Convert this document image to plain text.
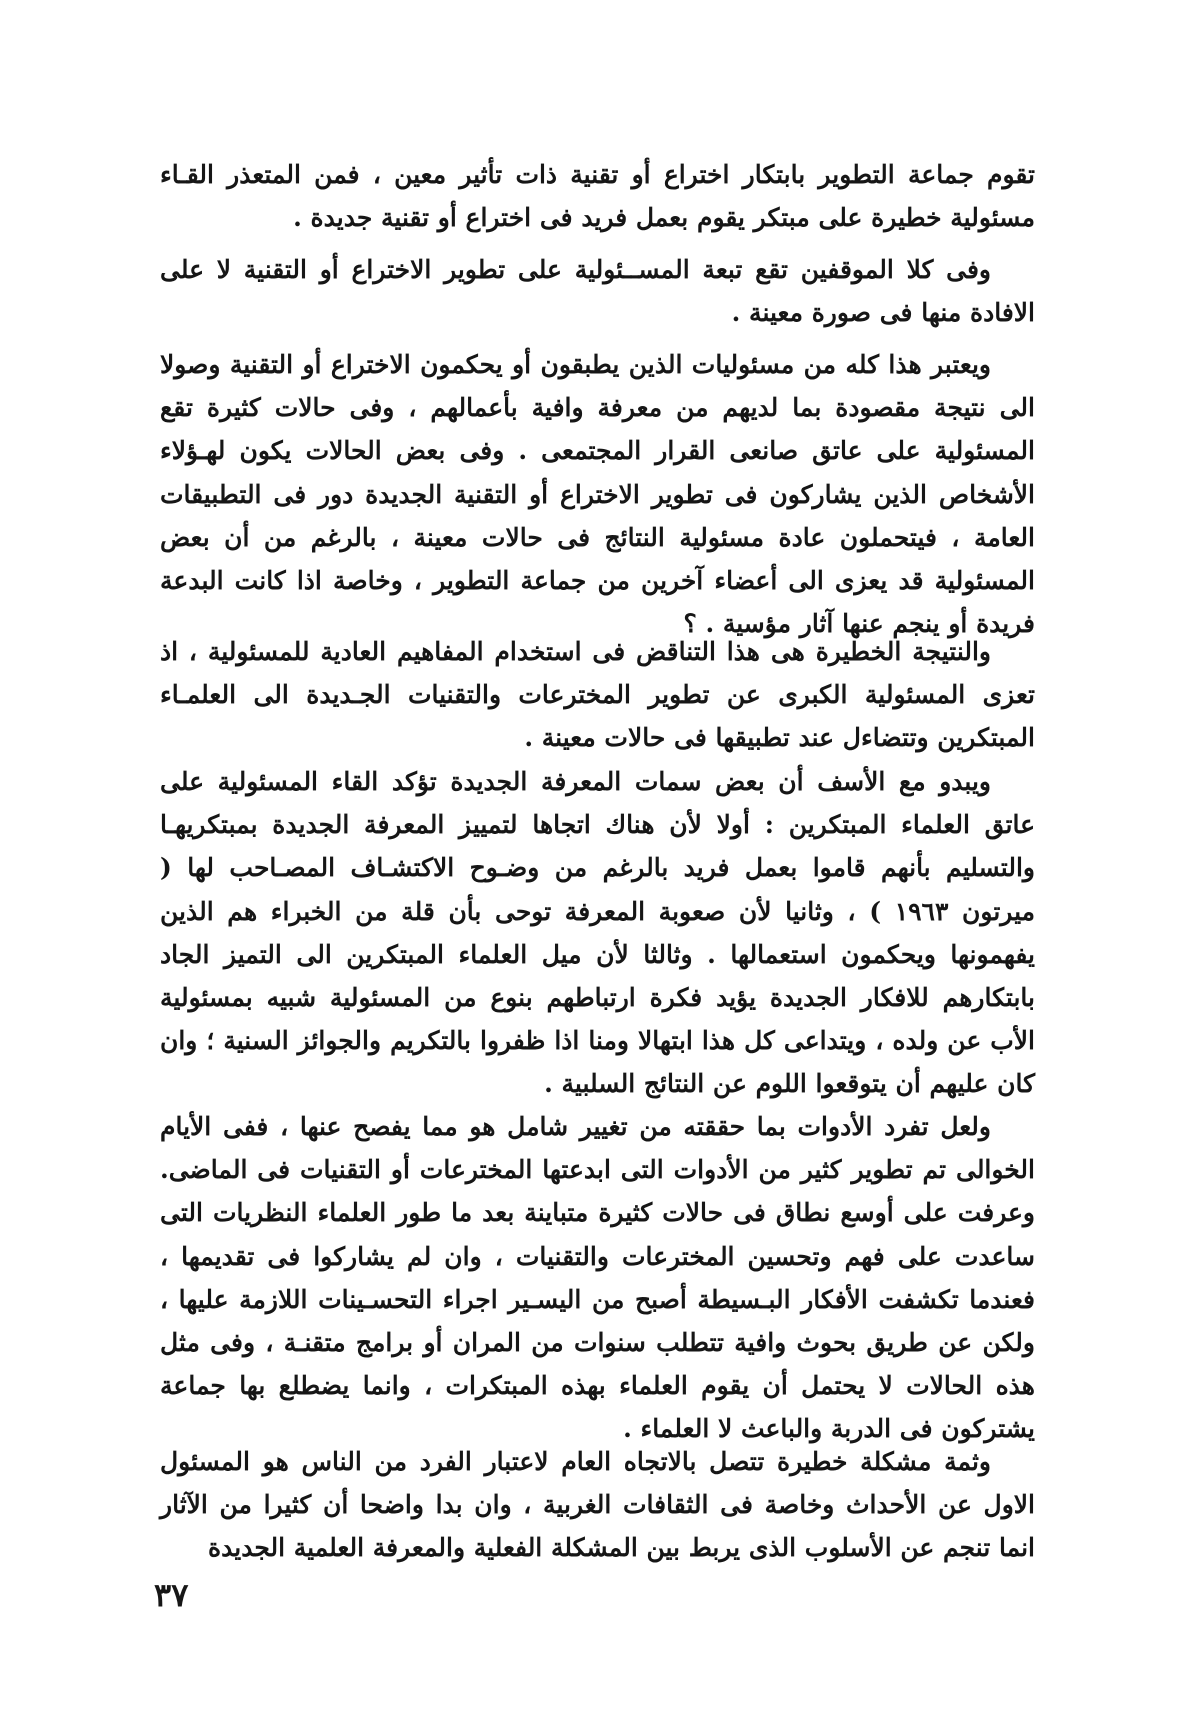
تقوم جماعة التطوير بابتكار اختراع أو تقنية ذات تأثير معين ، فمن المتعذر القـاء مسئولية خطيرة على مبتكر يقوم بعمل فريد فى اختراع أو تقنية جديدة .

وفى كلا الموقفين تقع تبعة المســئولية على تطوير الاختراع أو التقنية لا على الافادة منها فى صورة معينة .

ويعتبر هذا كله من مسئوليات الذين يطبقون أو يحكمون الاختراع أو التقنية وصولا الى نتيجة مقصودة بما لديهم من معرفة وافية بأعمالهم ، وفى حالات كثيرة تقع المسئولية على عاتق صانعى القرار المجتمعى . وفى بعض الحالات يكون لهـؤلاء الأشخاص الذين يشاركون فى تطوير الاختراع أو التقنية الجديدة دور فى التطبيقات العامة ، فيتحملون عادة مسئولية النتائج فى حالات معينة ، بالرغم من أن بعض المسئولية قد يعزى الى أعضاء آخرين من جماعة التطوير ، وخاصة اذا كانت البدعة فريدة أو ينجم عنها آثار مؤسية . ؟

والنتيجة الخطيرة هى هذا التناقض فى استخدام المفاهيم العادية للمسئولية ، اذ تعزى المسئولية الكبرى عن تطوير المخترعات والتقنيات الجـديدة الى العلمـاء المبتكرين وتتضاءل عند تطبيقها فى حالات معينة .

ويبدو مع الأسف أن بعض سمات المعرفة الجديدة تؤكد القاء المسئولية على عاتق العلماء المبتكرين : أولا لأن هناك اتجاها لتمييز المعرفة الجديدة بمبتكريهـا والتسليم بأنهم قاموا بعمل فريد بالرغم من وضـوح الاكتشـاف المصـاحب لها ( ميرتون ١٩٦٣ ) ، وثانيا لأن صعوبة المعرفة توحى بأن قلة من الخبراء هم الذين يفهمونها ويحكمون استعمالها . وثالثا لأن ميل العلماء المبتكرين الى التميز الجاد بابتكارهم للافكار الجديدة يؤيد فكرة ارتباطهم بنوع من المسئولية شبيه بمسئولية الأب عن ولده ، ويتداعى كل هذا ابتهالا ومنا اذا ظفروا بالتكريم والجوائز السنية ؛ وان كان عليهم أن يتوقعوا اللوم عن النتائج السلبية .

ولعل تفرد الأدوات بما حققته من تغيير شامل هو مما يفصح عنها ، ففى الأيام الخوالى تم تطوير كثير من الأدوات التى ابدعتها المخترعات أو التقنيات فى الماضى. وعرفت على أوسع نطاق فى حالات كثيرة متباينة بعد ما طور العلماء النظريات التى ساعدت على فهم وتحسين المخترعات والتقنيات ، وان لم يشاركوا فى تقديمها ، فعندما تكشفت الأفكار البـسيطة أصبح من اليسـير اجراء التحسـينات اللازمة عليها ، ولكن عن طريق بحوث وافية تتطلب سنوات من المران أو برامج متقنـة ، وفى مثل هذه الحالات لا يحتمل أن يقوم العلماء بهذه المبتكرات ، وانما يضطلع بها جماعة يشتركون فى الدربة والباعث لا العلماء .

وثمة مشكلة خطيرة تتصل بالاتجاه العام لاعتبار الفرد من الناس هو المسئول الاول عن الأحداث وخاصة فى الثقافات الغربية ، وان بدا واضحا أن كثيرا من الآثار انما تنجم عن الأسلوب الذى يربط بين المشكلة الفعلية والمعرفة العلمية الجديدة

٣٧
